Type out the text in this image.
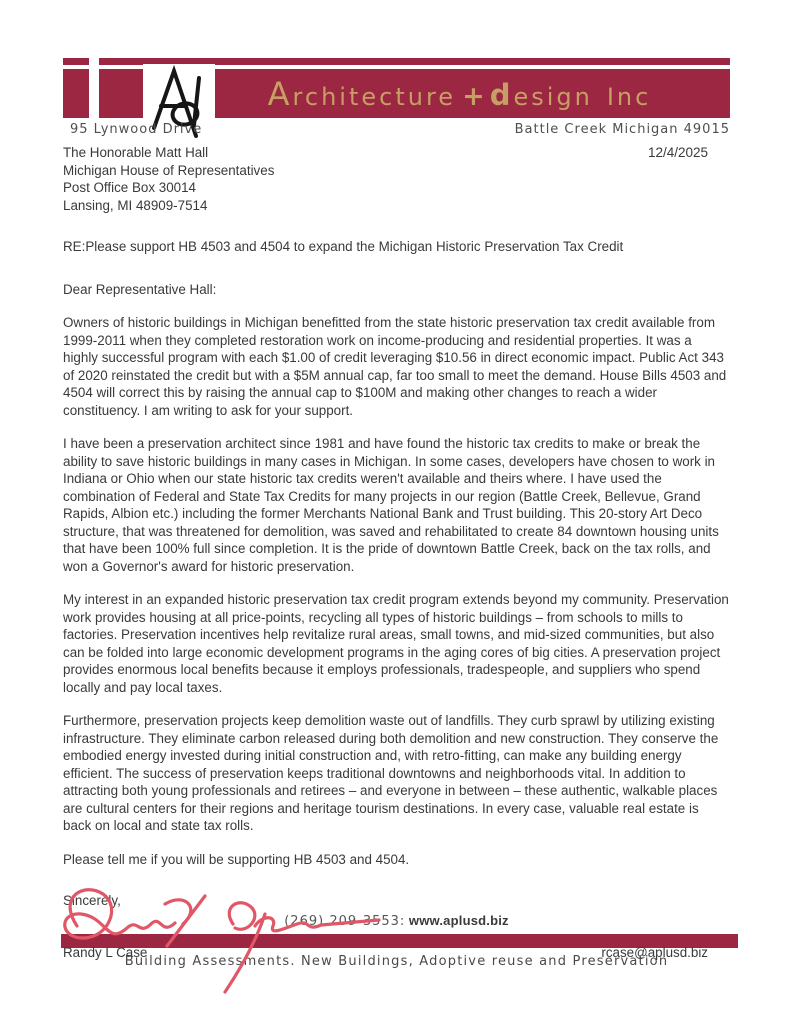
Architecture +design Inc
95 Lynwood Drive	Battle Creek Michigan 49015
The Honorable Matt Hall
Michigan House of Representatives
Post Office Box 30014
Lansing, MI 48909-7514
12/4/2025

RE:Please support HB 4503 and 4504 to expand the Michigan Historic Preservation Tax Credit

Dear Representative Hall:

Owners of historic buildings in Michigan benefitted from the state historic preservation tax credit available from 1999-2011 when they completed restoration work on income-producing and residential properties. It was a highly successful program with each $1.00 of credit leveraging $10.56 in direct economic impact. Public Act 343 of 2020 reinstated the credit but with a $5M annual cap, far too small to meet the demand. House Bills 4503 and 4504 will correct this by raising the annual cap to $100M and making other changes to reach a wider constituency. I am writing to ask for your support.

I have been a preservation architect since 1981 and have found the historic tax credits to make or break the ability to save historic buildings in many cases in Michigan. In some cases, developers have chosen to work in Indiana or Ohio when our state historic tax credits weren't available and theirs where. I have used the combination of Federal and State Tax Credits for many projects in our region (Battle Creek, Bellevue, Grand Rapids, Albion etc.) including the former Merchants National Bank and Trust building. This 20-story Art Deco structure, that was threatened for demolition, was saved and rehabilitated to create 84 downtown housing units that have been 100% full since completion. It is the pride of downtown Battle Creek, back on the tax rolls, and won a Governor's award for historic preservation.

My interest in an expanded historic preservation tax credit program extends beyond my community. Preservation work provides housing at all price-points, recycling all types of historic buildings – from schools to mills to factories. Preservation incentives help revitalize rural areas, small towns, and mid-sized communities, but also can be folded into large economic development programs in the aging cores of big cities. A preservation project provides enormous local benefits because it employs professionals, tradespeople, and suppliers who spend locally and pay local taxes.

Furthermore, preservation projects keep demolition waste out of landfills. They curb sprawl by utilizing existing infrastructure. They eliminate carbon released during both demolition and new construction. They conserve the embodied energy invested during initial construction and, with retro-fitting, can make any building energy efficient. The success of preservation keeps traditional downtowns and neighborhoods vital. In addition to attracting both young professionals and retirees – and everyone in between – these authentic, walkable places are cultural centers for their regions and heritage tourism destinations. In every case, valuable real estate is back on local and state tax rolls.

Please tell me if you will be supporting HB 4503 and 4504.

Sincerely,

Randy L Case	rcase@aplusd.biz
(269) 209-3553: www.aplusd.biz
Building Assessments. New Buildings, Adoptive reuse and Preservation
